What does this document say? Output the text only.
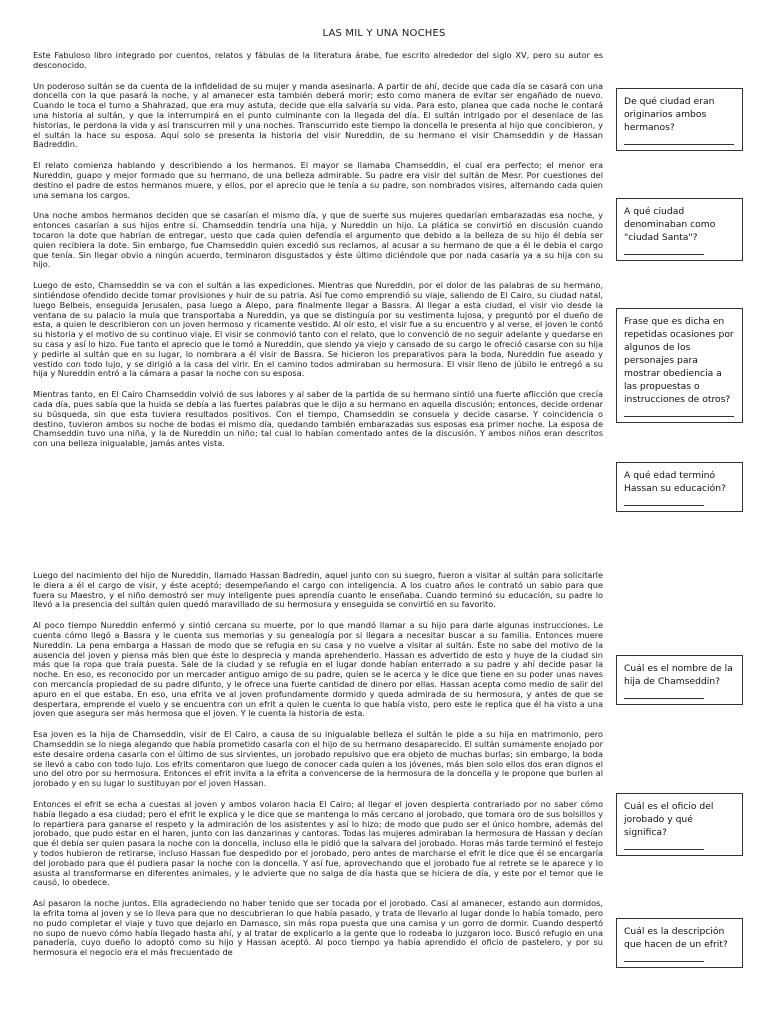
LAS MIL Y UNA NOCHES

Este Fabuloso libro integrado por cuentos, relatos y fábulas de la literatura árabe, fue escrito alrededor del siglo XV, pero su autor es desconocido.

Un poderoso sultán se da cuenta de la infidelidad de su mujer y manda asesinarla. A partir de ahí, decide que cada día se casará con una doncella con la que pasará la noche, y al amanecer esta también deberá morir; esto como manera de evitar ser engañado de nuevo. Cuando le toca el turno a Shahrazad, que era muy astuta, decide que ella salvaría su vida. Para esto, planea que cada noche le contará una historia al sultán, y que la interrumpirá en el punto culminante con la llegada del día. El sultán intrigado por el desenlace de las historias, le perdona la vida y así transcurren mil y una noches. Transcurrido este tiempo la doncella le presenta al hijo que concibieron, y el sultán la hace su esposa. Aquí solo se presenta la historia del visir Nureddin, de su hermano el visir Chamseddin y de Hassan Badreddin.

El relato comienza hablando y describiendo a los hermanos. El mayor se llamaba Chamseddin, el cual era perfecto; el menor era Nureddin, guapo y mejor formado que su hermano, de una belleza admirable. Su padre era visir del sultán de Mesr. Por cuestiones del destino el padre de estos hermanos muere, y ellos, por el aprecio que le tenía a su padre, son nombrados visires, alternando cada quien una semana los cargos.

Una noche ambos hermanos deciden que se casarían el mismo día, y que de suerte sus mujeres quedarían embarazadas esa noche, y entonces casarían a sus hijos entre sí. Chamseddin tendría una hija, y Nureddin un hijo. La plática se convirtió en discusión cuando tocaron la dote que habrían de entregar, uesto que cada quien defendía el argumento que debido a la belleza de su hijo él debía ser quien recibiera la dote. Sin embargo, fue Chamseddin quien excedió sus reclamos, al acusar a su hermano de que a él le debía el cargo que tenía. Sin llegar obvio a ningún acuerdo, terminaron disgustados y éste último diciéndole que por nada casaría ya a su hija con su hijo.

Luego de esto, Chamseddin se va con el sultán a las expediciones. Mientras que Nureddin, por el dolor de las palabras de su hermano, sintiéndose ofendido decide tomar provisiones y huir de su patria. Así fue como emprendió su viaje, saliendo de El Cairo, su ciudad natal, luego Belbeis, enseguida Jerusalen, pasa luego a Alepo, para finalmente llegar a Bassra. Al llegar a esta ciudad, el visir vio desde la ventana de su palacio la mula que transportaba a Nureddin, ya que se distinguía por su vestimenta lujosa, y preguntó por el dueño de esta, a quien le describieron con un joven hermoso y ricamente vestido. Al oír esto, el visir fue a su encuentro y al verse, el joven le contó su historia y el motivo de su continuo viaje. El visir se conmovió tanto con el relato, que lo convenció de no seguir adelante y quedarse en su casa y así lo hizo. Fue tanto el aprecio que le tomó a Nureddin, que siendo ya viejo y cansado de su cargo le ofreció casarse con su hija y pedirle al sultán que en su lugar, lo nombrara a él visir de Bassra. Se hicieron los preparativos para la boda, Nureddin fue aseado y vestido con todo lujo, y se dirigió a la casa del virir. En el camino todos admiraban su hermosura. El visir lleno de júbilo le entregó a su hija y Nureddin entró a la cámara a pasar la noche con su esposa.

Mientras tanto, en El Cairo Chamseddin volvió de sus labores y al saber de la partida de su hermano sintió una fuerte aflicción que crecía cada día, pues sabía que la huida se debía a las fuertes palabras que le dijo a su hermano en aquella discusión; entonces, decide ordenar su búsqueda, sin que esta tuviera resultados positivos. Con el tiempo, Chamseddin se consuela y decide casarse. Y coincidencia o destino, tuvieron ambos su noche de bodas el mismo día, quedando también embarazadas sus esposas esa primer noche. La esposa de Chamseddin tuvo una niña, y la de Nureddin un niño; tal cual lo habían comentado antes de la discusión. Y ambos niños eran descritos con una belleza inigualable, jamás antes vista.

Luego del nacimiento del hijo de Nureddin, llamado Hassan Badredin, aquel junto con su suegro, fueron a visitar al sultán para solicitarle le diera a él el cargo de visir, y éste aceptó; desempeñando el cargo con inteligencia. A los cuatro años le contrató un sabio para que fuera su Maestro, y el niño demostró ser muy inteligente pues aprendía cuanto le enseñaba. Cuando terminó su educación, su padre lo llevó a la presencia del sultán quien quedó maravillado de su hermosura y enseguida se convirtió en su favorito.

Al poco tiempo Nureddin enfermó y sintió cercana su muerte, por lo que mandó llamar a su hijo para darle algunas instrucciones. Le cuenta cómo llegó a Bassra y le cuenta sus memorias y su genealogía por si llegara a necesitar buscar a su familia. Entonces muere Nureddin. La pena embarga a Hassan de modo que se refugia en su casa y no vuelve a visitar al sultán. Éste no sabe del motivo de la ausencia del joven y piensa más bien que éste lo desprecia y manda aprehenderlo. Hassan es advertido de esto y huye de la ciudad sin más que la ropa que traía puesta. Sale de la ciudad y se refugia en el lugar donde habían enterrado a su padre y ahí decide pasar la noche. En eso, es reconocido por un mercader antiguo amigo de su padre, quien se le acerca y le dice que tiene en su poder unas naves con mercancía propiedad de su padre difunto, y le ofrece una fuerte cantidad de dinero por ellas. Hassan acepta como medio de salir del apuro en el que estaba. En eso, una efrita ve al joven profundamente dormido y queda admirada de su hermosura, y antes de que se despertara, emprende el vuelo y se encuentra con un efrit a quien le cuenta lo que había visto, pero este le replica que él ha visto a una joven que asegura ser más hermosa que el joven. Y le cuenta la historia de esta.

Esa joven es la hija de Chamseddin, visir de El Cairo, a causa de su inigualable belleza el sultán le pide a su hija en matrimonio, pero Chamseddin se lo niega alegando que había prometido casarla con el hijo de su hermano desaparecido. El sultán sumamente enojado por este desaire ordena casarla con el último de sus sirvientes, un jorobado repulsivo que era objeto de muchas burlas; sin embargo, la boda se llevó a cabo con todo lujo. Los efrits comentaron que luego de conocer cada quien a los jóvenes, más bien solo ellos dos eran dignos el uno del otro por su hermosura. Entonces el efrit invita a la efrita a convencerse de la hermosura de la doncella y le propone que burlen al jorobado y en su lugar lo sustituyan por el joven Hassan.

Entonces el efrit se echa a cuestas al joven y ambos volaron hacia El Cairo; al llegar el joven despierta contrariado por no saber cómo había llegado a esa ciudad; pero el efrit le explica y le dice que se mantenga lo más cercano al jorobado, que tomara oro de sus bolsillos y lo repartiera para ganarse el respeto y la admiración de los asistentes y así lo hizo; de modo que pudo ser el único hombre, además del jorobado, que pudo estar en el haren, junto con las danzarinas y cantoras. Todas las mujeres admiraban la hermosura de Hassan y decían que él debía ser quien pasara la noche con la doncella, incluso ella le pidió que la salvara del jorobado. Horas más tarde terminó el festejo y todos hubieron de retirarse, incluso Hassan fue despedido por el jorobado, pero antes de marcharse el efrit le dice que él se encargaría del jorobado para que él pudiera pasar la noche con la doncella. Y así fue, aprovechando que el jorobado fue al retrete se le aparece y lo asusta al transformarse en diferentes animales, y le advierte que no salga de día hasta que se hiciera de día, y este por el temor que le causó, lo obedece.

Así pasaron la noche juntos. Ella agradeciendo no haber tenido que ser tocada por el jorobado. Casi al amanecer, estando aun dormidos, la efrita toma al joven y se lo lleva para que no descubrieran lo que había pasado, y trata de llevarlo al lugar donde lo había tomado, pero no pudo completar el viaje y tuvo que dejarlo en Damasco, sin más ropa puesta que una camisa y un gorro de dormir. Cuando despertó no supo de nuevo cómo había llegado hasta ahí, y al tratar de explicarlo a la gente que lo rodeaba lo juzgaron loco. Buscó refugio en una panadería, cuyo dueño lo adoptó como su hijo y Hassan aceptó. Al poco tiempo ya había aprendido el oficio de pastelero, y por su hermosura el negocio era el más frecuentado de

De qué ciudad eran originarios ambos hermanos?
A qué ciudad denominaban como "ciudad Santa"?
Frase que es dicha en repetidas ocasiones por algunos de los personajes para mostrar obediencia a las propuestas o instrucciones de otros?
A qué edad terminó Hassan su educación?
Cuál es el nombre de la hija de Chamseddin?
Cuál es el oficio del jorobado y qué significa?
Cuál es la descripción que hacen de un efrit?
